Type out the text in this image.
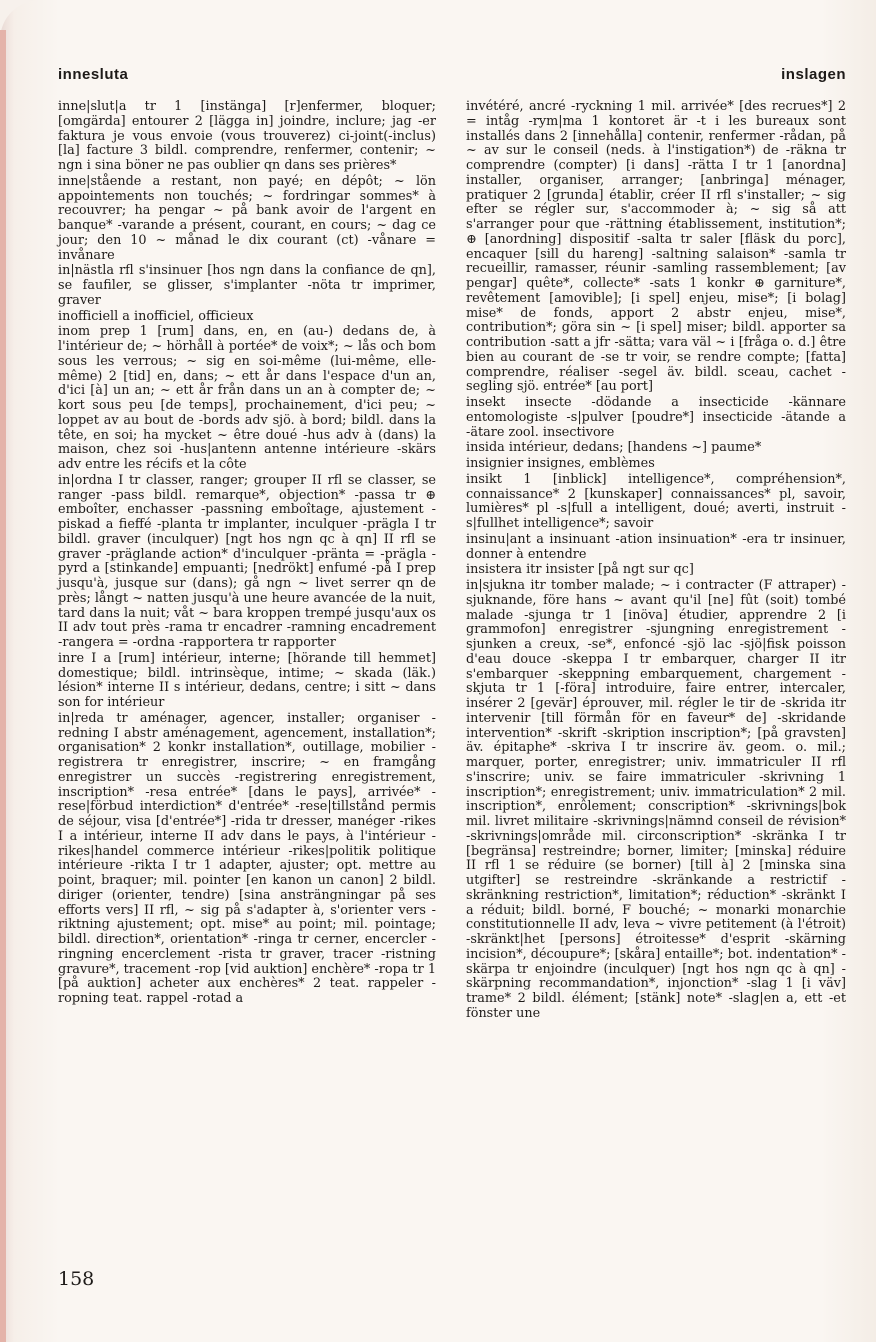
inneslutа	inslagen

inne|slut|a tr 1 [instänga] [r]enfermer, bloquer; [omgärda] entourer 2 [lägga in] joindre, inclure; jag -er faktura je vous envoie (vous trouverez) ci-joint(-inclus) [la] facture 3 bildl. comprendre, renfermer, contenir; ~ ngn i sina böner ne pas oublier qn dans ses prières*

inne|stående a restant, non payé; en dépôt; ~ lön appointements non touchés; ~ fordringar sommes* à recouvrer; ha pengar ~ på bank avoir de l'argent en banque* -varande a présent, courant, en cours; ~ dag ce jour; den 10 ~ månad le dix courant (ct) -vånare = invånare

in|nästla rfl s'insinuer [hos ngn dans la confiance de qn], se faufiler, se glisser, s'implanter -nöta tr imprimer, graver

inofficiell a inofficiel, officieux

inom prep 1 [rum] dans, en, en (au-) dedans de, à l'intérieur de; ~ hörhåll à portée* de voix*; ~ lås och bom sous les verrous; ~ sig en soi-même (lui-même, elle-même) 2 [tid] en, dans; ~ ett år dans l'espace d'un an, d'ici [à] un an; ~ ett år från dans un an à compter de; ~ kort sous peu [de temps], prochainement, d'ici peu; ~ loppet av au bout de -bords adv sjö. à bord; bildl. dans la tête, en soi; ha mycket ~ être doué -hus adv à (dans) la maison, chez soi -hus|antenn antenne intérieure -skärs adv entre les récifs et la côte

in|ordna I tr classer, ranger; grouper II rfl se classer, se ranger -pass bildl. remarque*, objection* -passa tr ⊕ emboîter, enchasser -passning emboîtage, ajustement -piskad a fieffé -planta tr implanter, inculquer -prägla I tr bildl. graver (inculquer) [ngt hos ngn qc à qn] II rfl se graver -präglande action* d'inculquer -pränta = -prägla -pyrd a [stinkande] empuanti; [nedrökt] enfumé -på I prep jusqu'à, jusque sur (dans); gå ngn ~ livet serrer qn de près; långt ~ natten jusqu'à une heure avancée de la nuit, tard dans la nuit; våt ~ bara kroppen trempé jusqu'aux os II adv tout près -rama tr encadrer -ramning encadrement -rangera = -ordna -rapportera tr rapporter

inre I a [rum] intérieur, interne; [hörande till hemmet] domestique; bildl. intrinsèque, intime; ~ skada (läk.) lésion* interne II s intérieur, dedans, centre; i sitt ~ dans son for intérieur

in|reda tr aménager, agencer, installer; organiser -redning I abstr aménagement, agencement, installation*; organisation* 2 konkr installation*, outillage, mobilier -registrera tr enregistrer, inscrire; ~ en framgång enregistrer un succès -registrering enregistrement, inscription* -resa entrée* [dans le pays], arrivée* -rese|förbud interdiction* d'entrée* -rese|tillstånd permis de séjour, visa [d'entrée*] -rida tr dresser, manéger -rikes I a intérieur, interne II adv dans le pays, à l'intérieur -rikes|handel commerce intérieur -rikes|politik politique intérieure -rikta I tr 1 adapter, ajuster; opt. mettre au point, braquer; mil. pointer [en kanon un canon] 2 bildl. diriger (orienter, tendre) [sina ansträngningar på ses efforts vers] II rfl, ~ sig på s'adapter à, s'orienter vers -riktning ajustement; opt. mise* au point; mil. pointage; bildl. direction*, orientation* -ringa tr cerner, encercler -ringning encerclement -rista tr graver, tracer -ristning gravure*, tracement -rop [vid auktion] enchère* -ropa tr 1 [på auktion] acheter aux enchères* 2 teat. rappeler -ropning teat. rappel -rotad a

invétéré, ancré -ryckning 1 mil. arrivée* [des recrues*] 2 = intåg -rym|ma 1 kontoret är -t i les bureaux sont installés dans 2 [innehålla] contenir, renfermer -rådan, på ~ av sur le conseil (neds. à l'instigation*) de -räkna tr comprendre (compter) [i dans] -rätta I tr 1 [anordna] installer, organiser, arranger; [anbringa] ménager, pratiquer 2 [grunda] établir, créer II rfl s'installer; ~ sig efter se régler sur, s'accommoder à; ~ sig så att s'arranger pour que -rättning établissement, institution*; ⊕ [anordning] dispositif -salta tr saler [fläsk du porc], encaquer [sill du hareng] -saltning salaison* -samla tr recueillir, ramasser, réunir -samling rassemblement; [av pengar] quête*, collecte* -sats 1 konkr ⊕ garniture*, revêtement [amovible]; [i spel] enjeu, mise*; [i bolag] mise* de fonds, apport 2 abstr enjeu, mise*, contribution*; göra sin ~ [i spel] miser; bildl. apporter sa contribution -satt a jfr -sätta; vara väl ~ i [fråga o. d.] être bien au courant de -se tr voir, se rendre compte; [fatta] comprendre, réaliser -segel äv. bildl. sceau, cachet -segling sjö. entrée* [au port]

insekt insecte -dödande a insecticide -kännare entomologiste -s|pulver [poudre*] insecticide -ätande a -ätare zool. insectivore

insida intérieur, dedans; [handens ~] paume*

insignier insignes, emblèmes

insikt 1 [inblick] intelligence*, compréhension*, connaissance* 2 [kunskaper] connaissances* pl, savoir, lumières* pl -s|full a intelligent, doué; averti, instruit -s|fullhet intelligence*; savoir

insinu|ant a insinuant -ation insinuation* -era tr insinuer, donner à entendre

insistera itr insister [på ngt sur qc]

in|sjukna itr tomber malade; ~ i contracter (F attraper) -sjuknande, före hans ~ avant qu'il [ne] fût (soit) tombé malade -sjunga tr 1 [inöva] étudier, apprendre 2 [i grammofon] enregistrer -sjungning enregistrement -sjunken a creux, -se*, enfoncé -sjö lac -sjö|fisk poisson d'eau douce -skeppa I tr embarquer, charger II itr s'embarquer -skeppning embarquement, chargement -skjuta tr 1 [-föra] introduire, faire entrer, intercaler, insérer 2 [gevär] éprouver, mil. régler le tir de -skrida itr intervenir [till förmån för en faveur* de] -skridande intervention* -skrift -skription inscription*; [på gravsten] äv. épitaphe* -skriva I tr inscrire äv. geom. o. mil.; marquer, porter, enregistrer; univ. immatriculer II rfl s'inscrire; univ. se faire immatriculer -skrivning 1 inscription*; enregistrement; univ. immatriculation* 2 mil. inscription*, enrôlement; conscription* -skrivnings|bok mil. livret militaire -skrivnings|nämnd conseil de révision* -skrivnings|område mil. circonscription* -skränka I tr [begränsa] restreindre; borner, limiter; [minska] réduire II rfl 1 se réduire (se borner) [till à] 2 [minska sina utgifter] se restreindre -skränkande a restrictif -skränkning restriction*, limitation*; réduction* -skränkt I a réduit; bildl. borné, F bouché; ~ monarki monarchie constitutionnelle II adv, leva ~ vivre petitement (à l'étroit) -skränkt|het [persons] étroitesse* d'esprit -skärning incision*, découpure*; [skåra] entaille*; bot. indentation* -skärpa tr enjoindre (inculquer) [ngt hos ngn qc à qn] -skärpning recommandation*, injonction* -slag 1 [i väv] trame* 2 bildl. élément; [stänk] note* -slag|en a, ett -et fönster une

158
